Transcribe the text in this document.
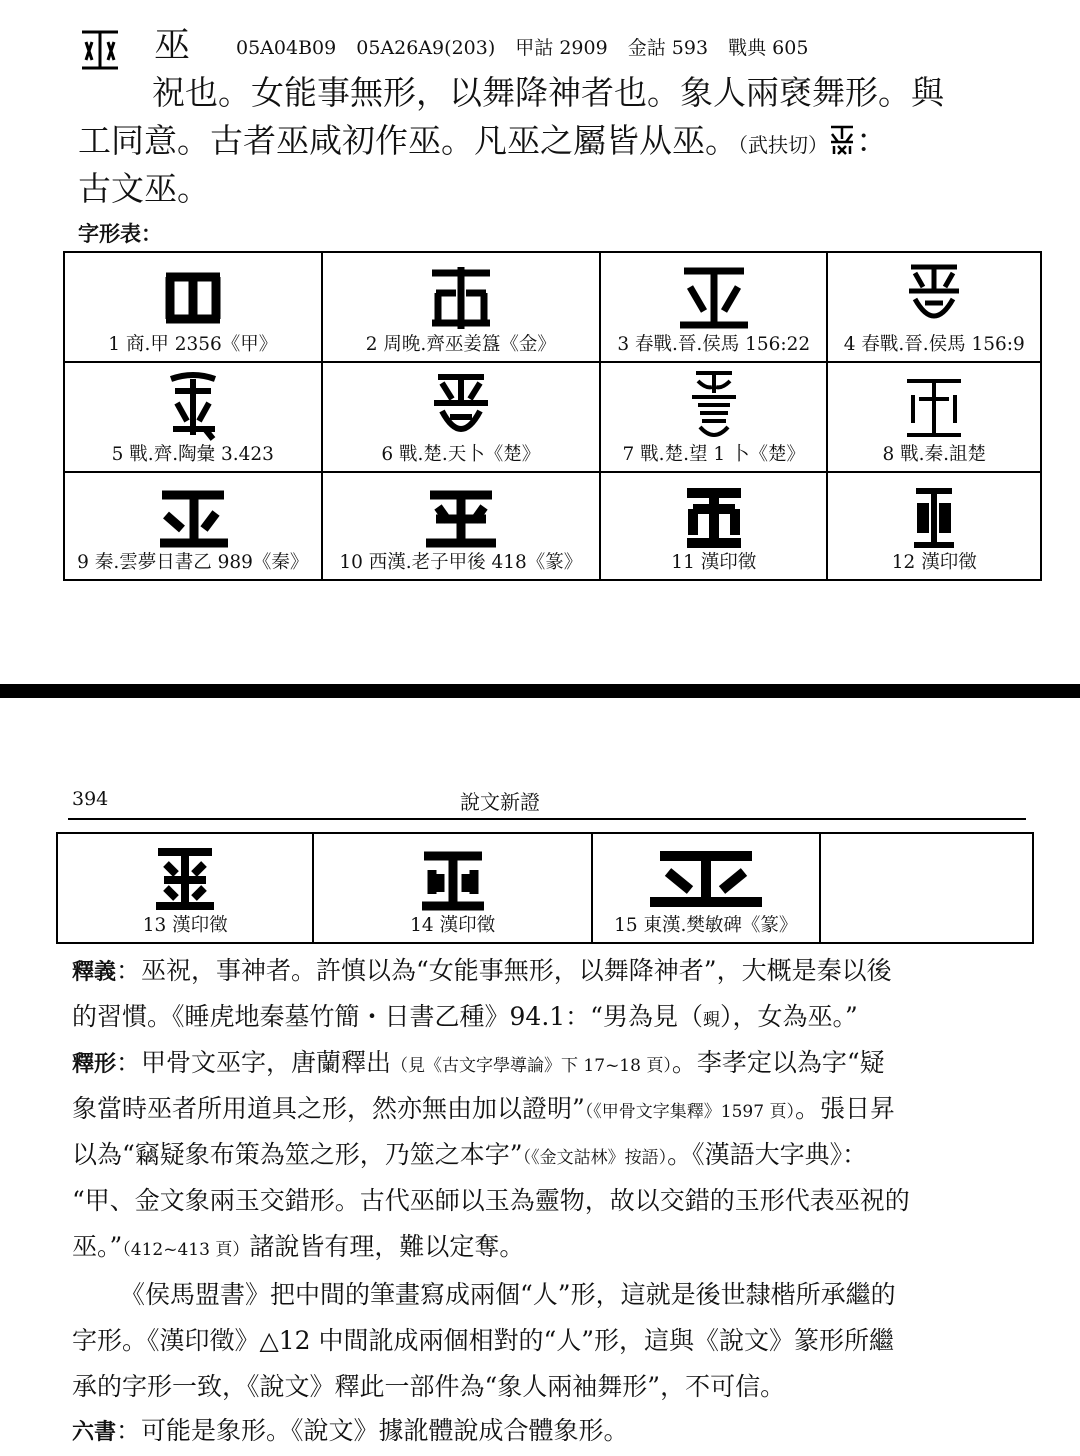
巫 05A04B09 05A26A9(203) 甲詁 2909 金詁 593 戰典 605
祝也。女能事無形，以舞降神者也。象人兩褎舞形。與
工同意。古者巫咸初作巫。凡巫之屬皆从巫。（武扶切） ：
古文巫。
字形表：
1 商.甲 2356《甲》	2 周晚.齊巫姜簋《金》	3 春戰.晉.侯馬 156:22	4 春戰.晉.侯馬 156:9

5 戰.齊.陶彙 3.423	6 戰.楚.天卜《楚》	7 戰.楚.望 1 卜《楚》	8 戰.秦.詛楚

9 秦.雲夢日書乙 989《秦》	10 西漢.老子甲後 418《篆》	11 漢印徵	12 漢印徵
394	說文新證
13 漢印徵	14 漢印徵	15 東漢.樊敏碑《篆》

釋義：巫祝，事神者。許慎以為“女能事無形，以舞降神者”，大概是秦以後
的習慣。《睡虎地秦墓竹簡・日書乙種》94.1：“男為見（覡），女為巫。”
釋形：甲骨文巫字，唐蘭釋出（見《古文字學導論》下 17~18 頁）。李孝定以為字“疑
象當時巫者所用道具之形，然亦無由加以證明”（《甲骨文字集釋》1597 頁）。張日昇
以為“竊疑象布策為筮之形，乃筮之本字”（《金文詁林》按語）。《漢語大字典》：
“甲、金文象兩玉交錯形。古代巫師以玉為靈物，故以交錯的玉形代表巫祝的
巫。”（412~413 頁）諸說皆有理，難以定奪。
《侯馬盟書》把中間的筆畫寫成兩個“人”形，這就是後世隸楷所承繼的
字形。《漢印徵》△12 中間訛成兩個相對的“人”形，這與《說文》篆形所繼
承的字形一致，《說文》釋此一部件為“象人兩袖舞形”，不可信。
六書：可能是象形。《說文》據訛體說成合體象形。
